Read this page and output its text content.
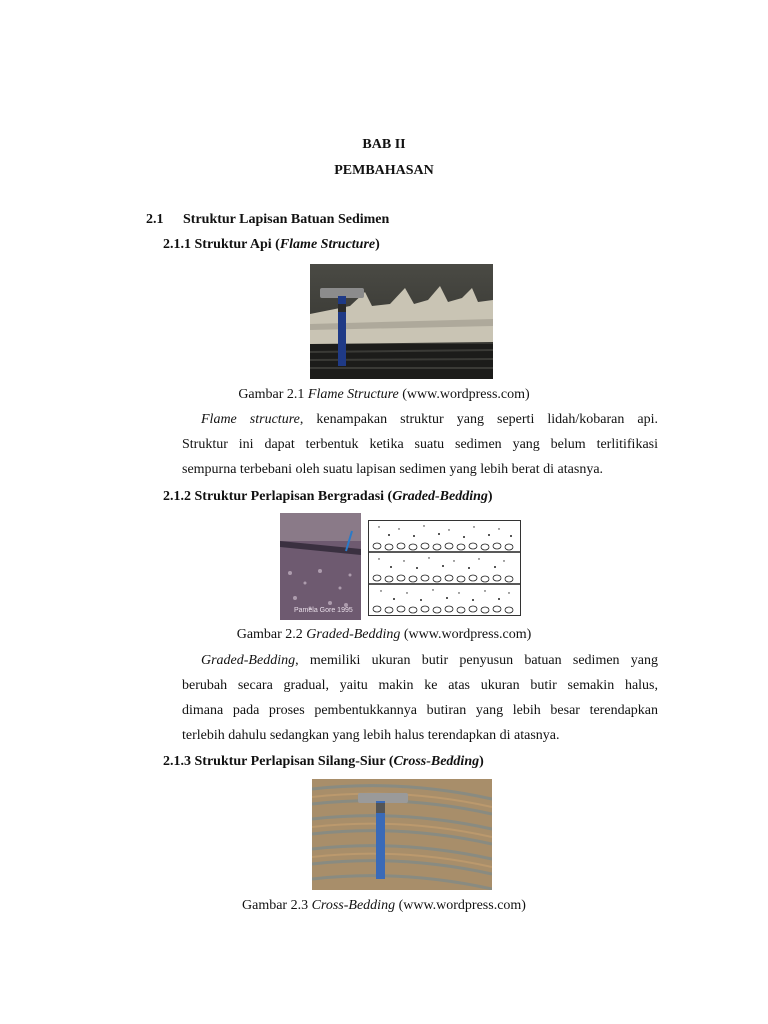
BAB II
PEMBAHASAN
2.1 Struktur Lapisan Batuan Sedimen
2.1.1 Struktur Api (Flame Structure)
Gambar 2.1 Flame Structure (www.wordpress.com)
Flame structure, kenampakan struktur yang seperti lidah/kobaran api.
Struktur ini dapat terbentuk ketika suatu sedimen yang belum terlitifikasi
sempurna terbebani oleh suatu lapisan sedimen yang lebih berat di atasnya.
2.1.2 Struktur Perlapisan Bergradasi (Graded-Bedding)
Pamela Gore 1995
Gambar 2.2 Graded-Bedding (www.wordpress.com)
Graded-Bedding, memiliki ukuran butir penyusun batuan sedimen yang
berubah secara gradual, yaitu makin ke atas ukuran butir semakin halus,
dimana pada proses pembentukkannya butiran yang lebih besar terendapkan
terlebih dahulu sedangkan yang lebih halus terendapkan di atasnya.
2.1.3 Struktur Perlapisan Silang-Siur (Cross-Bedding)
Gambar 2.3 Cross-Bedding (www.wordpress.com)
